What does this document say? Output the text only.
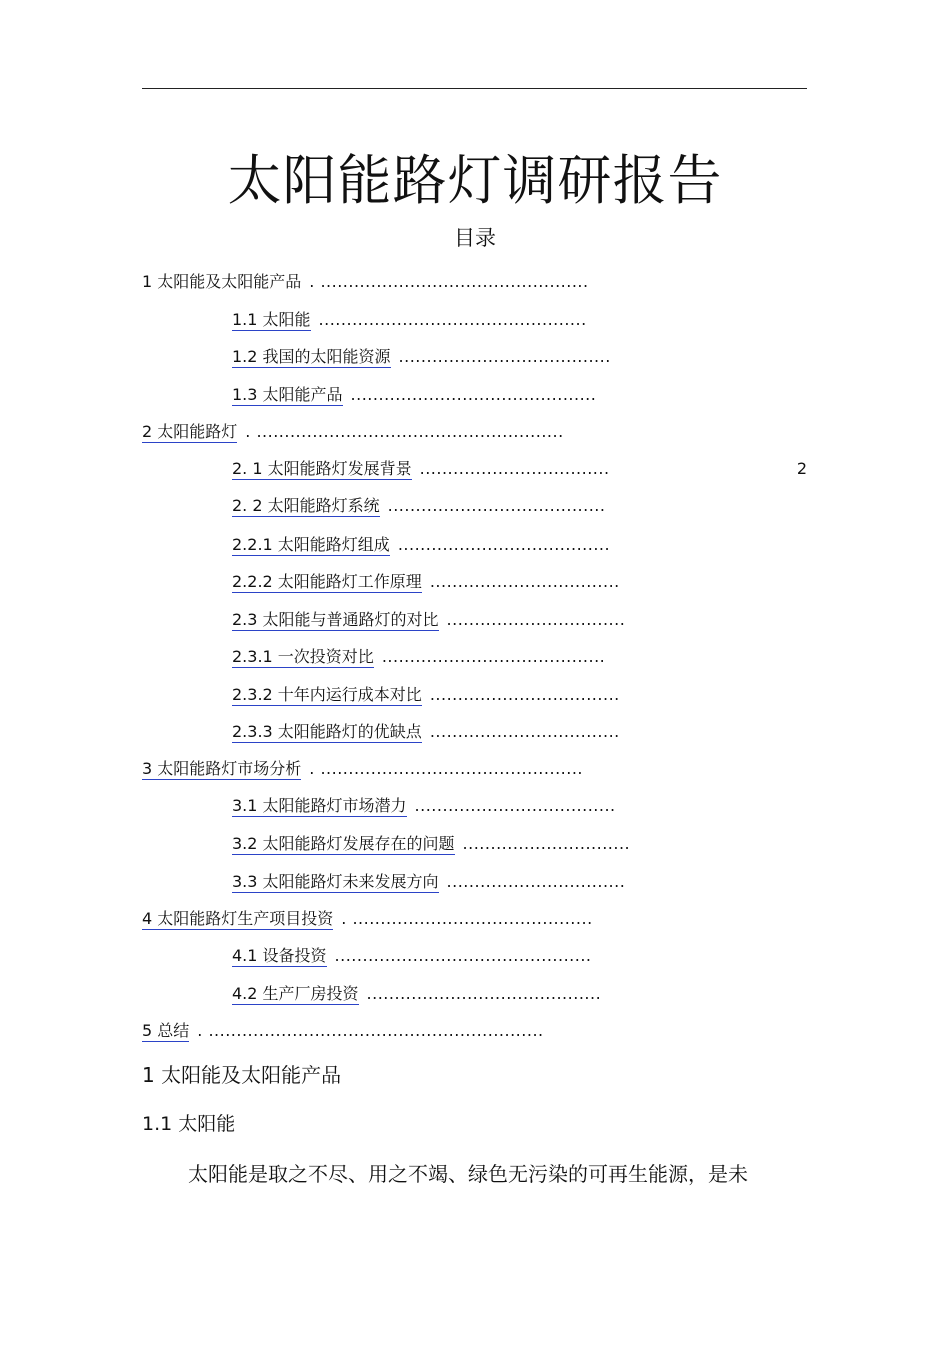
太阳能路灯调研报告
目录
1 太阳能及太阳能产品 . ................................................
1.1 太阳能 ................................................
1.2 我国的太阳能资源 ......................................
1.3 太阳能产品 ............................................
2 太阳能路灯 . .......................................................
2. 1 太阳能路灯发展背景 ..................................	2
2. 2 太阳能路灯系统 .......................................
2.2.1 太阳能路灯组成 ......................................
2.2.2 太阳能路灯工作原理 ..................................
2.3 太阳能与普通路灯的对比 ................................
2.3.1 一次投资对比 ........................................
2.3.2 十年内运行成本对比 ..................................
2.3.3 太阳能路灯的优缺点 ..................................
3 太阳能路灯市场分析 . ...............................................
3.1 太阳能路灯市场潜力 ....................................
3.2 太阳能路灯发展存在的问题 ..............................
3.3 太阳能路灯未来发展方向 ................................
4 太阳能路灯生产项目投资 . ...........................................
4.1 设备投资 ..............................................
4.2 生产厂房投资 ..........................................
5 总结 . ............................................................
1 太阳能及太阳能产品
1.1 太阳能
太阳能是取之不尽、用之不竭、绿色无污染的可再生能源，是未
